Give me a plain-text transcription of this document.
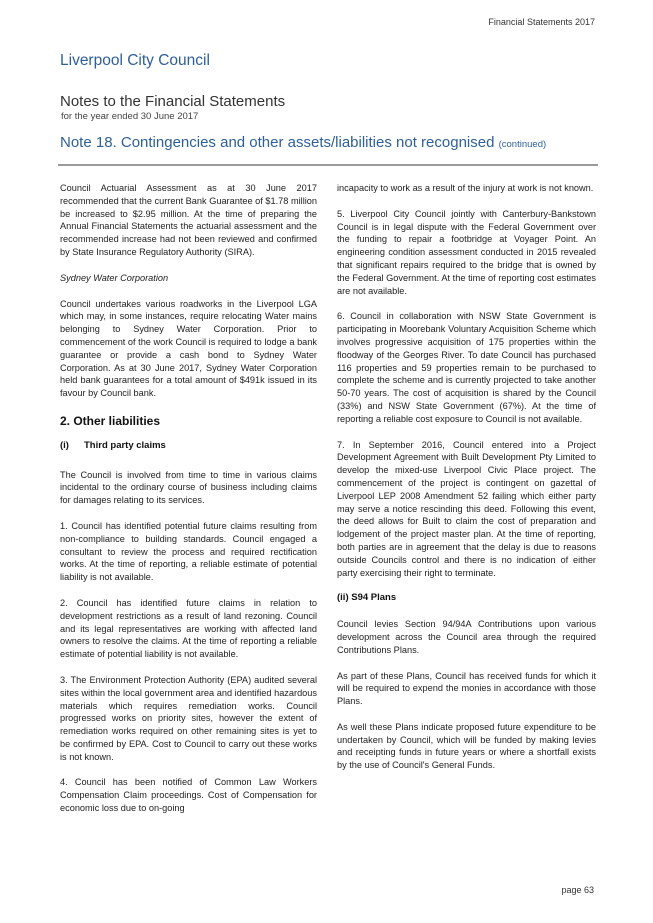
Financial Statements 2017
Liverpool City Council
Notes to the Financial Statements
for the year ended 30 June 2017
Note 18. Contingencies and other assets/liabilities not recognised (continued)

Council Actuarial Assessment as at 30 June 2017 recommended that the current Bank Guarantee of $1.78 million be increased to $2.95 million. At the time of preparing the Annual Financial Statements the actuarial assessment and the recommended increase had not been reviewed and confirmed by State Insurance Regulatory Authority (SIRA).

Sydney Water Corporation

Council undertakes various roadworks in the Liverpool LGA which may, in some instances, require relocating Water mains belonging to Sydney Water Corporation. Prior to commencement of the work Council is required to lodge a bank guarantee or provide a cash bond to Sydney Water Corporation. As at 30 June 2017, Sydney Water Corporation held bank guarantees for a total amount of $491k issued in its favour by Council bank.

2. Other liabilities
(i) Third party claims

The Council is involved from time to time in various claims incidental to the ordinary course of business including claims for damages relating to its services.

1. Council has identified potential future claims resulting from non-compliance to building standards. Council engaged a consultant to review the process and required rectification works. At the time of reporting, a reliable estimate of potential liability is not available.

2. Council has identified future claims in relation to development restrictions as a result of land rezoning. Council and its legal representatives are working with affected land owners to resolve the claims. At the time of reporting a reliable estimate of potential liability is not available.

3. The Environment Protection Authority (EPA) audited several sites within the local government area and identified hazardous materials which requires remediation works. Council progressed works on priority sites, however the extent of remediation works required on other remaining sites is yet to be confirmed by EPA. Cost to Council to carry out these works is not known.

4. Council has been notified of Common Law Workers Compensation Claim proceedings. Cost of Compensation for economic loss due to on-going

incapacity to work as a result of the injury at work is not known.

5. Liverpool City Council jointly with Canterbury-Bankstown Council is in legal dispute with the Federal Government over the funding to repair a footbridge at Voyager Point. An engineering condition assessment conducted in 2015 revealed that significant repairs required to the bridge that is owned by the Federal Government. At the time of reporting cost estimates are not available.

6. Council in collaboration with NSW State Government is participating in Moorebank Voluntary Acquisition Scheme which involves progressive acquisition of 175 properties within the floodway of the Georges River. To date Council has purchased 116 properties and 59 properties remain to be purchased to complete the scheme and is currently projected to take another 50-70 years. The cost of acquisition is shared by the Council (33%) and NSW State Government (67%). At the time of reporting a reliable cost exposure to Council is not available.

7. In September 2016, Council entered into a Project Development Agreement with Built Development Pty Limited to develop the mixed-use Liverpool Civic Place project. The commencement of the project is contingent on gazettal of Liverpool LEP 2008 Amendment 52 failing which either party may serve a notice rescinding this deed. Following this event, the deed allows for Built to claim the cost of preparation and lodgement of the project master plan. At the time of reporting, both parties are in agreement that the delay is due to reasons outside Councils control and there is no indication of either party exercising their right to terminate.

(ii) S94 Plans

Council levies Section 94/94A Contributions upon various development across the Council area through the required Contributions Plans.

As part of these Plans, Council has received funds for which it will be required to expend the monies in accordance with those Plans.

As well these Plans indicate proposed future expenditure to be undertaken by Council, which will be funded by making levies and receipting funds in future years or where a shortfall exists by the use of Council's General Funds.

page 63
